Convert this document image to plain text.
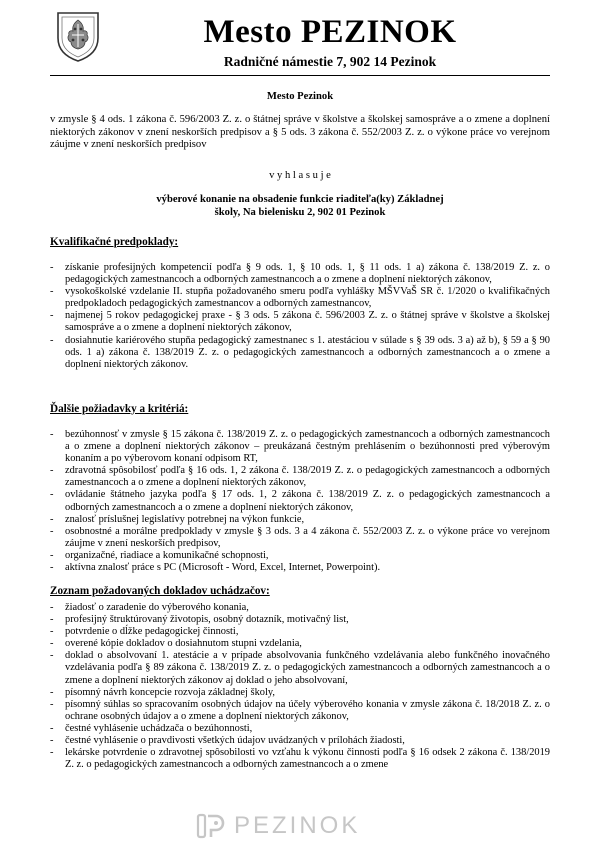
Mesto PEZINOK
Radničné námestie 7, 902 14 Pezinok
Mesto Pezinok
v zmysle § 4 ods. 1 zákona č. 596/2003 Z. z. o štátnej správe v školstve a školskej samospráve a o zmene a doplnení niektorých zákonov v znení neskorších predpisov a § 5 ods. 3 zákona č. 552/2003 Z. z. o výkone práce vo verejnom záujme v znení neskorších predpisov
v y h l a s u j e
výberové konanie na obsadenie funkcie riaditeľa(ky) Základnej
školy, Na bielenisku 2, 902 01 Pezinok
Kvalifikačné predpoklady:
- získanie profesijných kompetencií podľa § 9 ods. 1, § 10 ods. 1, § 11 ods. 1 a) zákona č. 138/2019 Z. z. o pedagogických zamestnancoch a odborných zamestnancoch a o zmene a doplnení niektorých zákonov,
- vysokoškolské vzdelanie II. stupňa požadovaného smeru podľa vyhlášky MŠVVaŠ SR č. 1/2020 o kvalifikačných predpokladoch pedagogických zamestnancov a odborných zamestnancov,
- najmenej 5 rokov pedagogickej praxe - § 3 ods. 5 zákona č. 596/2003 Z. z. o štátnej správe v školstve a školskej samospráve a o zmene a doplnení niektorých zákonov,
- dosiahnutie kariérového stupňa pedagogický zamestnanec s 1. atestáciou v súlade s § 39 ods. 3 a) až b), § 59 a § 90 ods. 1 a) zákona č. 138/2019 Z. z. o pedagogických zamestnancoch a odborných zamestnancoch a o zmene a doplnení niektorých zákonov.
Ďalšie požiadavky a kritériá:
- bezúhonnosť v zmysle § 15 zákona č. 138/2019 Z. z. o pedagogických zamestnancoch a odborných zamestnancoch a o zmene a doplnení niektorých zákonov – preukázaná čestným prehlásením o bezúhonnosti pred výberovým konaním a po výberovom konaní odpisom RT,
- zdravotná spôsobilosť podľa § 16 ods. 1, 2 zákona č. 138/2019 Z. z. o pedagogických zamestnancoch a odborných zamestnancoch a o zmene a doplnení niektorých zákonov,
- ovládanie štátneho jazyka podľa § 17 ods. 1, 2 zákona č. 138/2019 Z. z. o pedagogických zamestnancoch a odborných zamestnancoch a o zmene a doplnení niektorých zákonov,
- znalosť príslušnej legislatívy potrebnej na výkon funkcie,
- osobnostné a morálne predpoklady v zmysle § 3 ods. 3 a 4 zákona č. 552/2003 Z. z. o výkone práce vo verejnom záujme v znení neskorších predpisov,
- organizačné, riadiace a komunikačné schopnosti,
- aktívna znalosť práce s PC (Microsoft - Word, Excel, Internet, Powerpoint).
Zoznam požadovaných dokladov uchádzačov:
- žiadosť o zaradenie do výberového konania,
- profesijný štruktúrovaný životopis, osobný dotazník, motivačný list,
- potvrdenie o dĺžke pedagogickej činnosti,
- overené kópie dokladov o dosiahnutom stupni vzdelania,
- doklad o absolvovaní 1. atestácie a v prípade absolvovania funkčného vzdelávania alebo funkčného inovačného vzdelávania podľa § 89 zákona č. 138/2019 Z. z. o pedagogických zamestnancoch a odborných zamestnancoch a o zmene a doplnení niektorých zákonov aj doklad o jeho absolvovaní,
- písomný návrh koncepcie rozvoja základnej školy,
- písomný súhlas so spracovaním osobných údajov na účely výberového konania v zmysle zákona č. 18/2018 Z. z. o ochrane osobných údajov a o zmene a doplnení niektorých zákonov,
- čestné vyhlásenie uchádzača o bezúhonnosti,
- čestné vyhlásenie o pravdivosti všetkých údajov uvádzaných v prílohách žiadosti,
- lekárske potvrdenie o zdravotnej spôsobilosti vo vzťahu k výkonu činnosti podľa § 16 odsek 2 zákona č. 138/2019 Z. z. o pedagogických zamestnancoch a odborných zamestnancoch a o zmene
PEZINOK
